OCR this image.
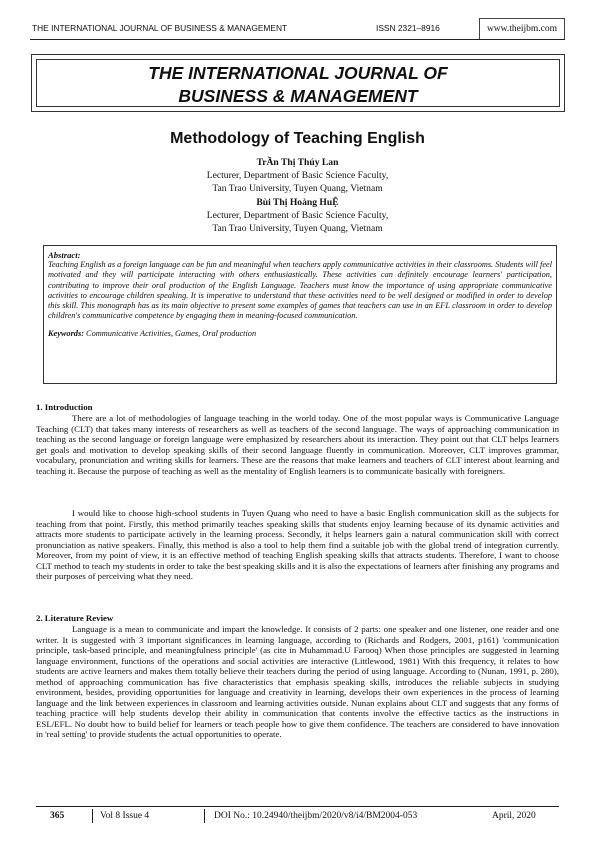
THE INTERNATIONAL JOURNAL OF BUSINESS & MANAGEMENT	ISSN 2321–8916	www.theijbm.com
THE INTERNATIONAL JOURNAL OF
BUSINESS & MANAGEMENT
Methodology of Teaching English
TrẦn Thị Thúy Lan
Lecturer, Department of Basic Science Faculty,
Tan Trao University, Tuyen Quang, Vietnam
Bùi Thị Hoàng HuỆ
Lecturer, Department of Basic Science Faculty,
Tan Trao University, Tuyen Quang, Vietnam
Abstract:

Teaching English as a foreign language can be fun and meaningful when teachers apply communicative activities in their classrooms. Students will feel motivated and they will participate interacting with others enthusiastically. These activities can definitely encourage learners' participation, contributing to improve their oral production of the English Language. Teachers must know the importance of using appropriate communicative activities to encourage children speaking. It is imperative to understand that these activities need to be well designed or modified in order to develop this skill. This monograph has as its main objective to present some examples of games that teachers can use in an EFL classroom in order to develop children's communicative competence by engaging them in meaning-focused communication.

Keywords: Communicative Activities, Games, Oral production
1. Introduction

There are a lot of methodologies of language teaching in the world today. One of the most popular ways is Communicative Language Teaching (CLT) that takes many interests of researchers as well as teachers of the second language. The ways of approaching communication in teaching as the second language or foreign language were emphasized by researchers about its interaction. They point out that CLT helps learners get goals and motivation to develop speaking skills of their second language fluently in communication. Moreover, CLT improves grammar, vocabulary, pronunciation and writing skills for learners. These are the reasons that make learners and teachers of CLT interest about learning and teaching it. Because the purpose of teaching as well as the mentality of English learners is to communicate basically with foreigners.

I would like to choose high-school students in Tuyen Quang who need to have a basic English communication skill as the subjects for teaching from that point. Firstly, this method primarily teaches speaking skills that students enjoy learning because of its dynamic activities and attracts more students to participate actively in the learning process. Secondly, it helps learners gain a natural communication skill with correct pronunciation as native speakers. Finally, this method is also a tool to help them find a suitable job with the global trend of integration currently. Moreover, from my point of view, it is an effective method of teaching English speaking skills that attracts students. Therefore, I want to choose CLT method to teach my students in order to take the best speaking skills and it is also the expectations of learners after finishing any programs and their purposes of perceiving what they need.

2. Literature Review

Language is a mean to communicate and impart the knowledge. It consists of 2 parts: one speaker and one listener, one reader and one writer. It is suggested with 3 important significances in learning language, according to (Richards and Rodgers, 2001, p161) 'communication principle, task-based principle, and meaningfulness principle' (as cite in Muhammad.U Farooq) When those principles are suggested in learning language environment, functions of the operations and social activities are interactive (Littlewood, 1981) With this frequency, it relates to how students are active learners and makes them totally believe their teachers during the period of using language. According to (Nunan, 1991, p. 280), method of approaching communication has five characteristics that emphasis speaking skills, introduces the reliable subjects in studying environment, besides, providing opportunities for language and creativity in learning, develops their own experiences in the process of learning language and the link between experiences in classroom and learning activities outside. Nunan explains about CLT and suggests that any forms of teaching practice will help students develop their ability in communication that contents involve the effective tactics as the instructions in ESL/EFL. No doubt how to build belief for learners or teach people how to give them confidence. The teachers are considered to have innovation in 'real setting' to provide students the actual opportunities to operate.

365	Vol 8 Issue 4	DOI No.: 10.24940/theijbm/2020/v8/i4/BM2004-053	April, 2020
